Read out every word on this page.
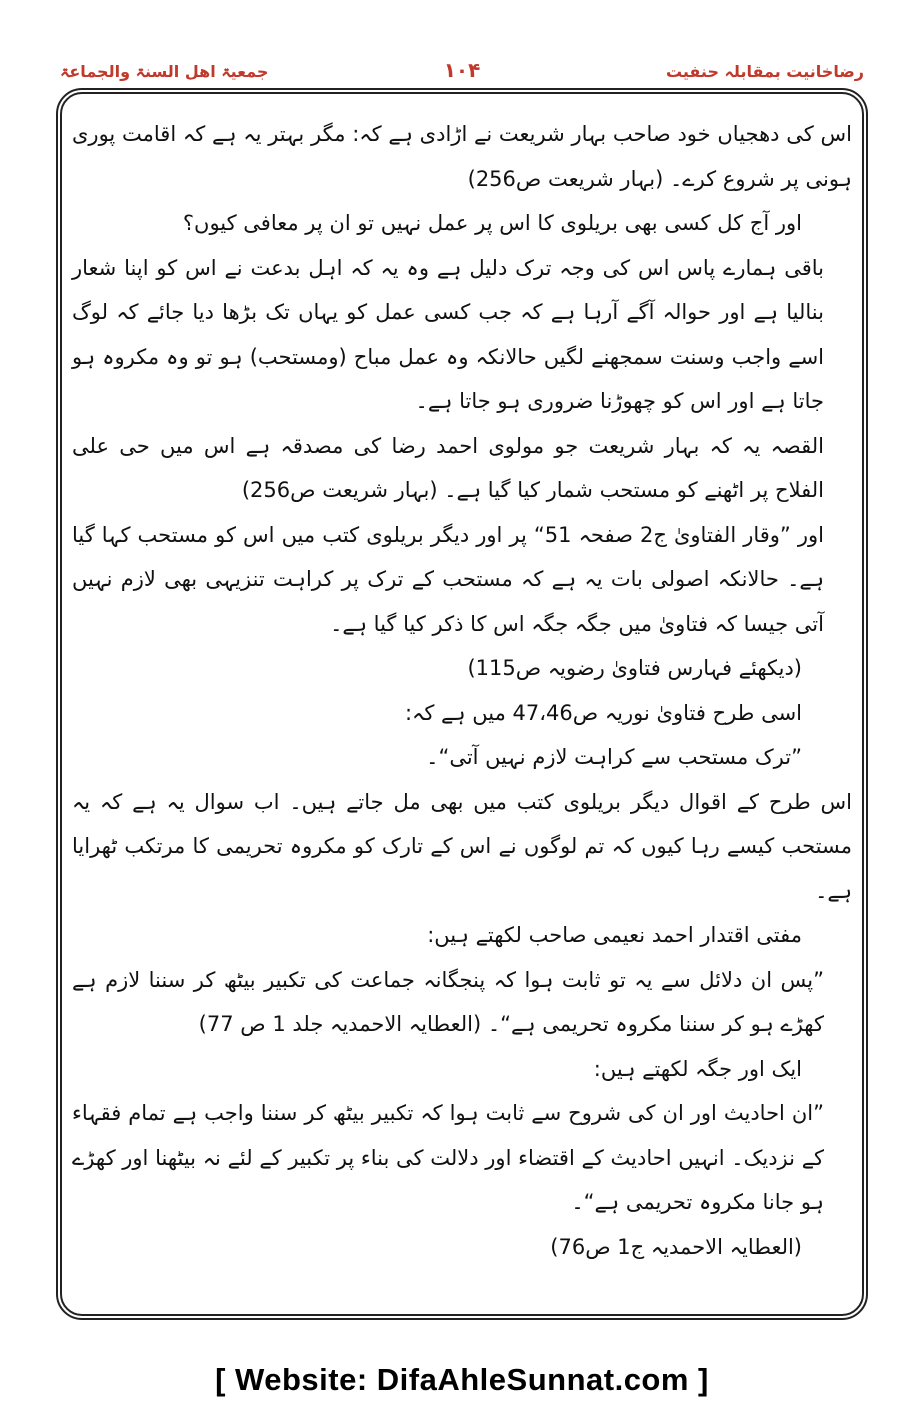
جمعیۃ اھل السنۃ والجماعۃ	۱۰۴	رضاخانیت بمقابلہ حنفیت

اس کی دھجیاں خود صاحب بہار شریعت نے اڑادی ہے کہ: مگر بہتر یہ ہے کہ اقامت پوری ہونی پر شروع کرے۔ (بہار شریعت ص256)

اور آج کل کسی بھی بریلوی کا اس پر عمل نہیں تو ان پر معافی کیوں؟

باقی ہمارے پاس اس کی وجہ ترک دلیل ہے وہ یہ کہ اہل بدعت نے اس کو اپنا شعار بنالیا ہے اور حوالہ آگے آرہا ہے کہ جب کسی عمل کو یہاں تک بڑھا دیا جائے کہ لوگ اسے واجب وسنت سمجھنے لگیں حالانکہ وہ عمل مباح (ومستحب) ہو تو وہ مکروہ ہو جاتا ہے اور اس کو چھوڑنا ضروری ہو جاتا ہے۔

القصہ یہ کہ بہار شریعت جو مولوی احمد رضا کی مصدقہ ہے اس میں حی علی الفلاح پر اٹھنے کو مستحب شمار کیا گیا ہے۔ (بہار شریعت ص256)

اور ”وقار الفتاویٰ ج2 صفحہ 51“ پر اور دیگر بریلوی کتب میں اس کو مستحب کہا گیا ہے۔ حالانکہ اصولی بات یہ ہے کہ مستحب کے ترک پر کراہت تنزیہی بھی لازم نہیں آتی جیسا کہ فتاویٰ میں جگہ جگہ اس کا ذکر کیا گیا ہے۔

(دیکھئے فہارس فتاویٰ رضویہ ص115)

اسی طرح فتاویٰ نوریہ ص47،46 میں ہے کہ:

”ترک مستحب سے کراہت لازم نہیں آتی“۔

اس طرح کے اقوال دیگر بریلوی کتب میں بھی مل جاتے ہیں۔ اب سوال یہ ہے کہ یہ مستحب کیسے رہا کیوں کہ تم لوگوں نے اس کے تارک کو مکروہ تحریمی کا مرتکب ٹھرایا ہے۔

مفتی اقتدار احمد نعیمی صاحب لکھتے ہیں:

”پس ان دلائل سے یہ تو ثابت ہوا کہ پنجگانہ جماعت کی تکبیر بیٹھ کر سننا لازم ہے کھڑے ہو کر سننا مکروہ تحریمی ہے“۔ (العطایہ الاحمدیہ جلد 1 ص 77)

ایک اور جگہ لکھتے ہیں:

”ان احادیث اور ان کی شروح سے ثابت ہوا کہ تکبیر بیٹھ کر سننا واجب ہے تمام فقہاء کے نزدیک۔ انہیں احادیث کے اقتضاء اور دلالت کی بناء پر تکبیر کے لئے نہ بیٹھنا اور کھڑے ہو جانا مکروہ تحریمی ہے“۔

(العطایہ الاحمدیہ ج1 ص76)

[ Website: DifaAhleSunnat.com ]
